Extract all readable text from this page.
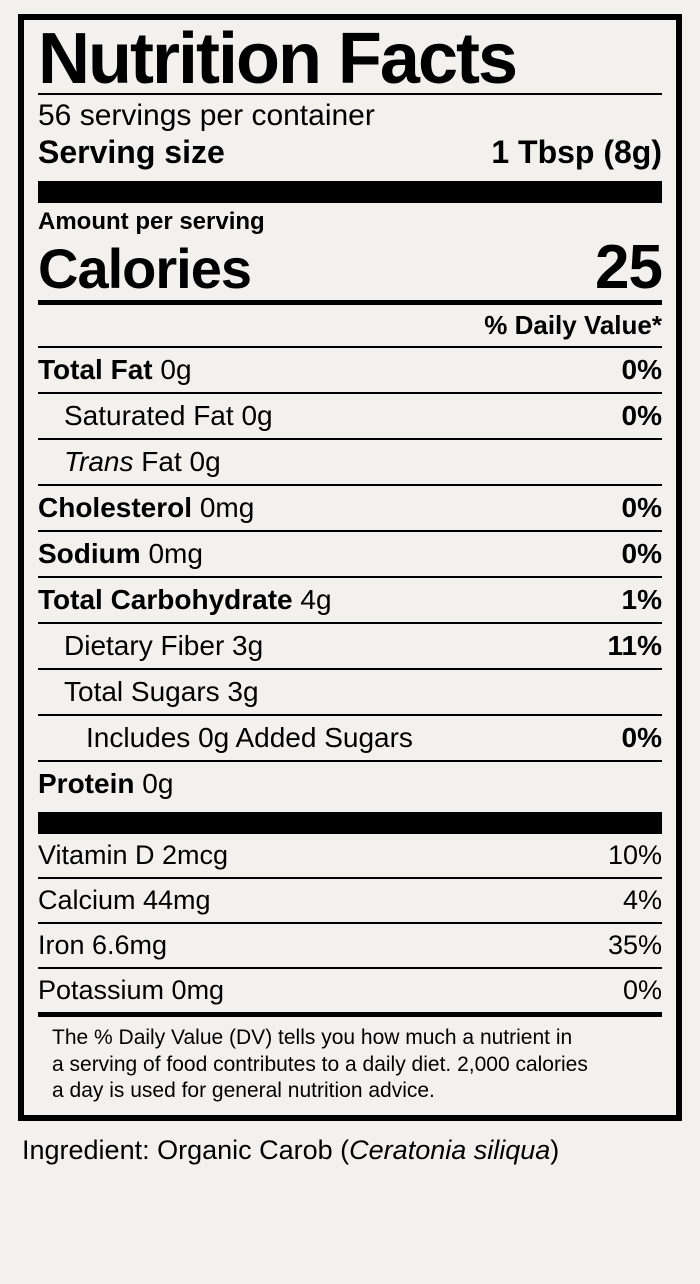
Nutrition Facts
56 servings per container
Serving size	1 Tbsp (8g)
Amount per serving
Calories	25
% Daily Value*
Total Fat 0g	0%
Saturated Fat 0g	0%
Trans Fat 0g
Cholesterol 0mg	0%
Sodium 0mg	0%
Total Carbohydrate 4g	1%
Dietary Fiber 3g	11%
Total Sugars 3g
Includes 0g Added Sugars	0%
Protein 0g
Vitamin D 2mcg	10%
Calcium 44mg	4%
Iron 6.6mg	35%
Potassium 0mg	0%
The % Daily Value (DV) tells you how much a nutrient in
a serving of food contributes to a daily diet. 2,000 calories
a day is used for general nutrition advice.
Ingredient: Organic Carob (Ceratonia siliqua)
